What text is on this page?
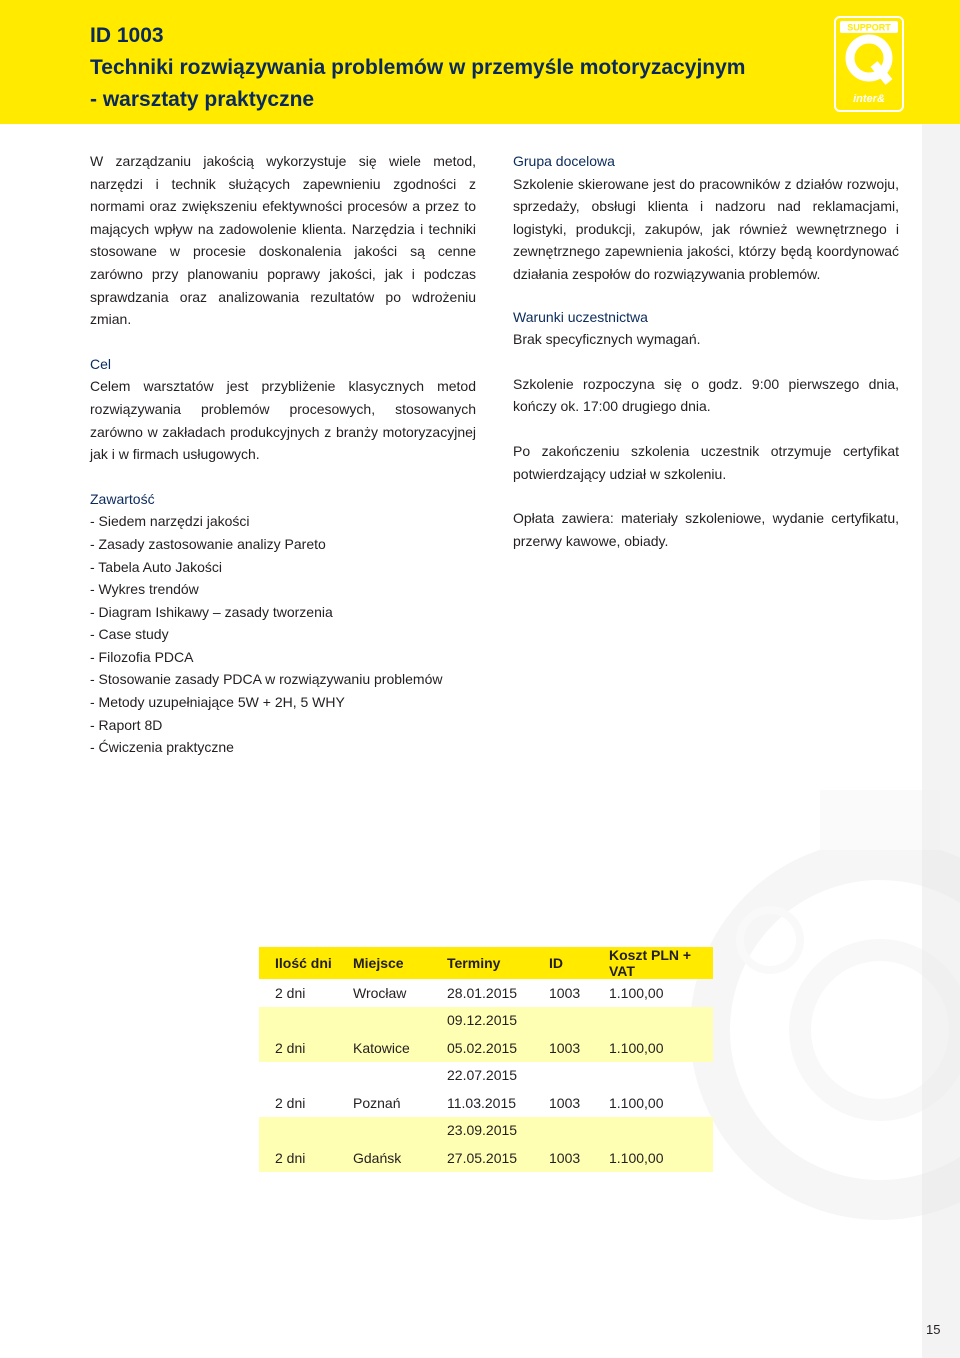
ID 1003
Techniki rozwiązywania problemów w przemyśle motoryzacyjnym
- warsztaty praktyczne
SUPPORT
inter&

W zarządzaniu jakością wykorzystuje się wiele metod, narzędzi i technik służących zapewnieniu zgodności z normami oraz zwiększeniu efektywności procesów a przez to mających wpływ na zadowolenie klienta. Narzędzia i techniki stosowane w procesie doskonalenia jakości są cenne zarówno przy planowaniu poprawy jakości, jak i podczas sprawdzania oraz analizowania rezultatów po wdrożeniu zmian.

Cel

Celem warsztatów jest przybliżenie klasycznych metod rozwiązywania problemów procesowych, stosowanych zarówno w zakładach produkcyjnych z branży motoryzacyjnej jak i w firmach usługowych.

Zawartość
- Siedem narzędzi jakości
- Zasady zastosowanie analizy Pareto
- Tabela Auto Jakości
- Wykres trendów
- Diagram Ishikawy – zasady tworzenia
- Case study
- Filozofia PDCA
- Stosowanie zasady PDCA w rozwiązywaniu problemów
- Metody uzupełniające 5W + 2H, 5 WHY
- Raport 8D
- Ćwiczenia praktyczne
Grupa docelowa

Szkolenie skierowane jest do pracowników z działów rozwoju, sprzedaży, obsługi klienta i nadzoru nad reklamacjami, logistyki, produkcji, zakupów, jak również wewnętrznego i zewnętrznego zapewnienia jakości, którzy będą koordynować działania zespołów do rozwiązywania problemów.

Warunki uczestnictwa

Brak specyficznych wymagań.

Szkolenie rozpoczyna się o godz. 9:00 pierwszego dnia, kończy ok. 17:00 drugiego dnia.

Po zakończeniu szkolenia uczestnik otrzymuje certyfikat potwierdzający udział w szkoleniu.

Opłata zawiera: materiały szkoleniowe, wydanie certyfikatu, przerwy kawowe, obiady.

Ilość dni	Miejsce	Terminy	ID	Koszt PLN + VAT
2 dni	Wrocław	28.01.2015	1003	1.100,00
		09.12.2015		
2 dni	Katowice	05.02.2015	1003	1.100,00
		22.07.2015		
2 dni	Poznań	11.03.2015	1003	1.100,00
		23.09.2015		
2 dni	Gdańsk	27.05.2015	1003	1.100,00
15
